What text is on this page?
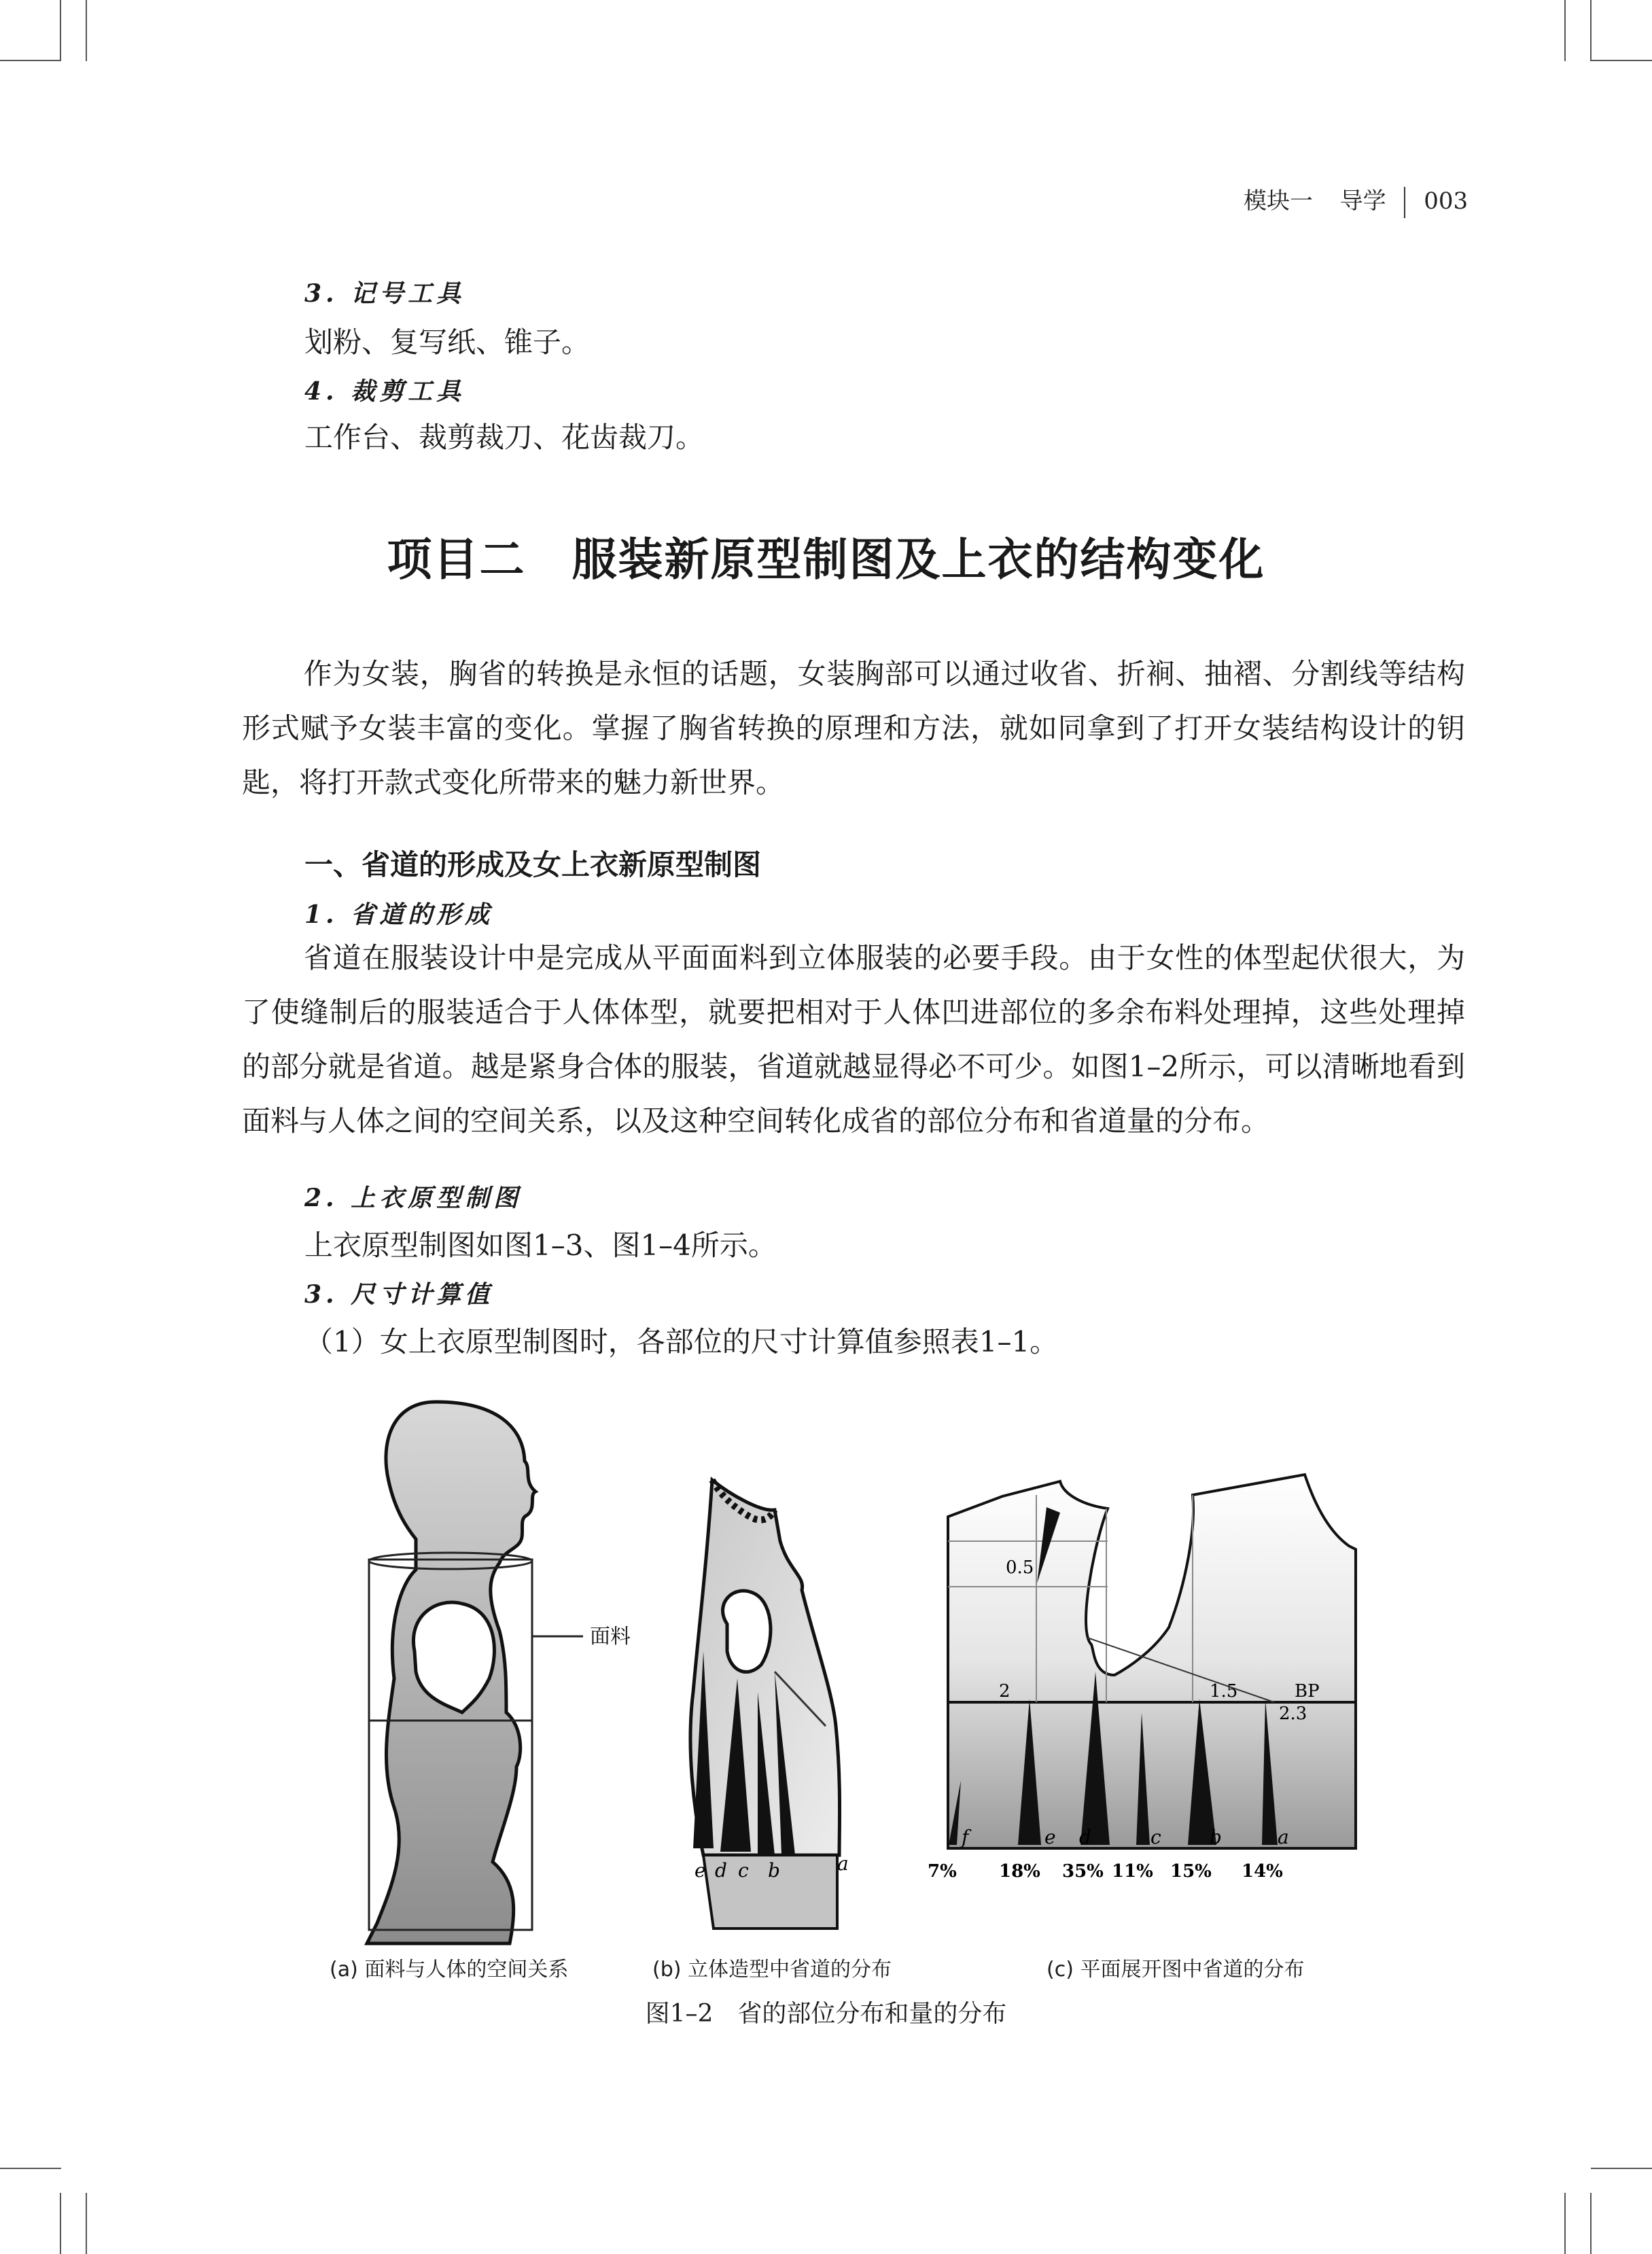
模块一 导学 003
3. 记号工具
划粉、复写纸、锥子。
4. 裁剪工具
工作台、裁剪裁刀、花齿裁刀。
项目二　服装新原型制图及上衣的结构变化
作为女装，胸省的转换是永恒的话题，女装胸部可以通过收省、折裥、抽褶、分割线等结构形式赋予女装丰富的变化。掌握了胸省转换的原理和方法，就如同拿到了打开女装结构设计的钥匙，将打开款式变化所带来的魅力新世界。
一、省道的形成及女上衣新原型制图
1. 省道的形成
省道在服装设计中是完成从平面面料到立体服装的必要手段。由于女性的体型起伏很大，为了使缝制后的服装适合于人体体型，就要把相对于人体凹进部位的多余布料处理掉，这些处理掉的部分就是省道。越是紧身合体的服装，省道就越显得必不可少。如图1–2所示，可以清晰地看到面料与人体之间的空间关系，以及这种空间转化成省的部位分布和省道量的分布。
2. 上衣原型制图
上衣原型制图如图1–3、图1–4所示。
3. 尺寸计算值
（1）女上衣原型制图时，各部位的尺寸计算值参照表1–1。
面料
e d c b	a
0.5
2	1.5	BP
2.3
f	e d	c	b	a
7% 18% 35% 11% 15% 14%
(a) 面料与人体的空间关系	(b) 立体造型中省道的分布	(c) 平面展开图中省道的分布
图1–2　省的部位分布和量的分布
